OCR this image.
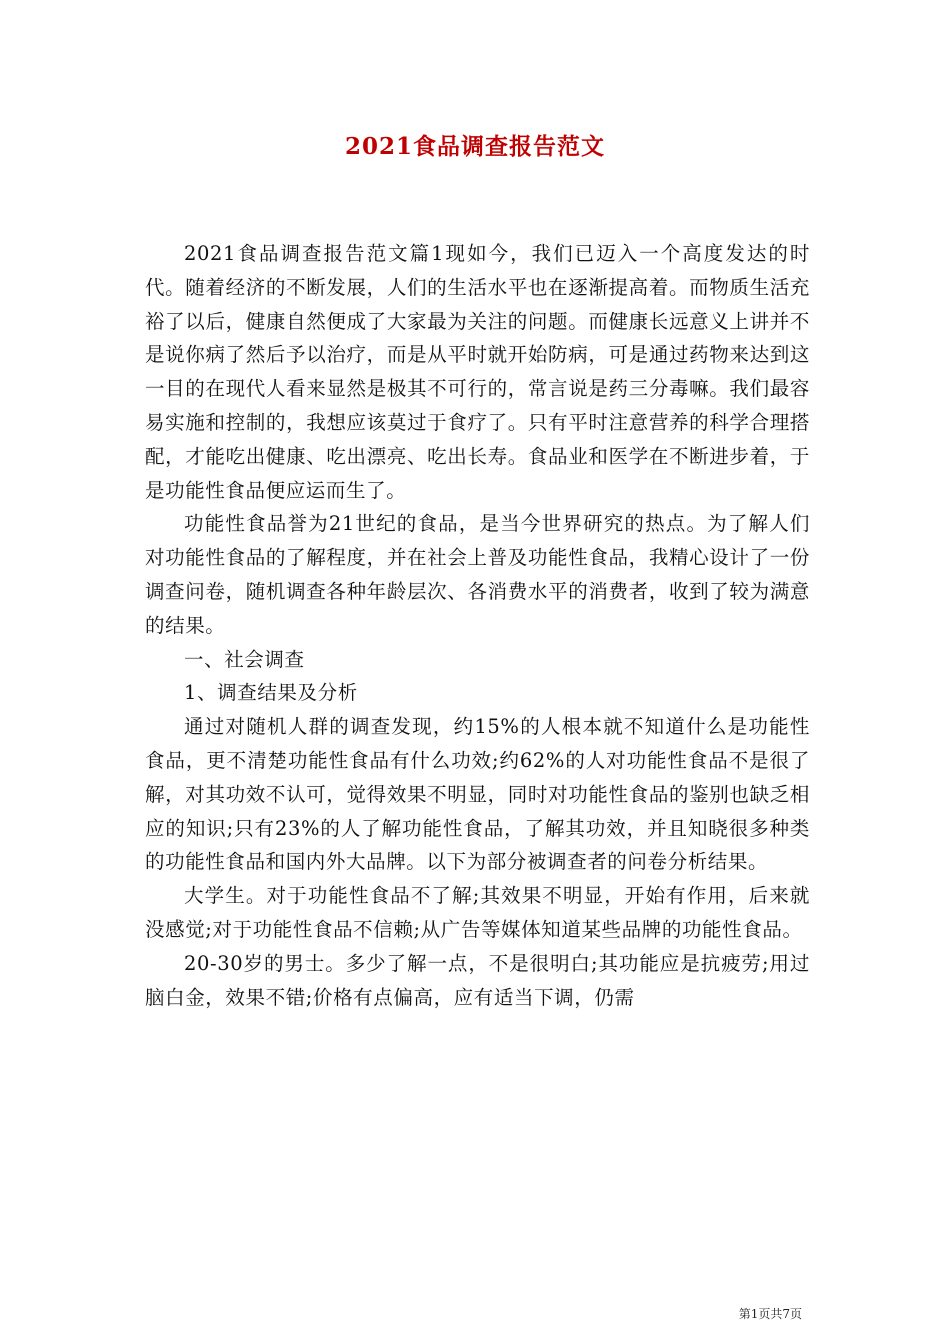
2021食品调查报告范文

2021食品调查报告范文篇1现如今，我们已迈入一个高度发达的时代。随着经济的不断发展，人们的生活水平也在逐渐提高着。而物质生活充裕了以后，健康自然便成了大家最为关注的问题。而健康长远意义上讲并不是说你病了然后予以治疗，而是从平时就开始防病，可是通过药物来达到这一目的在现代人看来显然是极其不可行的，常言说是药三分毒嘛。我们最容易实施和控制的，我想应该莫过于食疗了。只有平时注意营养的科学合理搭配，才能吃出健康、吃出漂亮、吃出长寿。食品业和医学在不断进步着，于是功能性食品便应运而生了。

功能性食品誉为21世纪的食品，是当今世界研究的热点。为了解人们对功能性食品的了解程度，并在社会上普及功能性食品，我精心设计了一份调查问卷，随机调查各种年龄层次、各消费水平的消费者，收到了较为满意的结果。

一、社会调查

1、调查结果及分析

通过对随机人群的调查发现，约15%的人根本就不知道什么是功能性食品，更不清楚功能性食品有什么功效;约62%的人对功能性食品不是很了解，对其功效不认可，觉得效果不明显，同时对功能性食品的鉴别也缺乏相应的知识;只有23%的人了解功能性食品，了解其功效，并且知晓很多种类的功能性食品和国内外大品牌。以下为部分被调查者的问卷分析结果。

大学生。对于功能性食品不了解;其效果不明显，开始有作用，后来就没感觉;对于功能性食品不信赖;从广告等媒体知道某些品牌的功能性食品。

20-30岁的男士。多少了解一点，不是很明白;其功能应是抗疲劳;用过脑白金，效果不错;价格有点偏高，应有适当下调，仍需

第1页共7页
